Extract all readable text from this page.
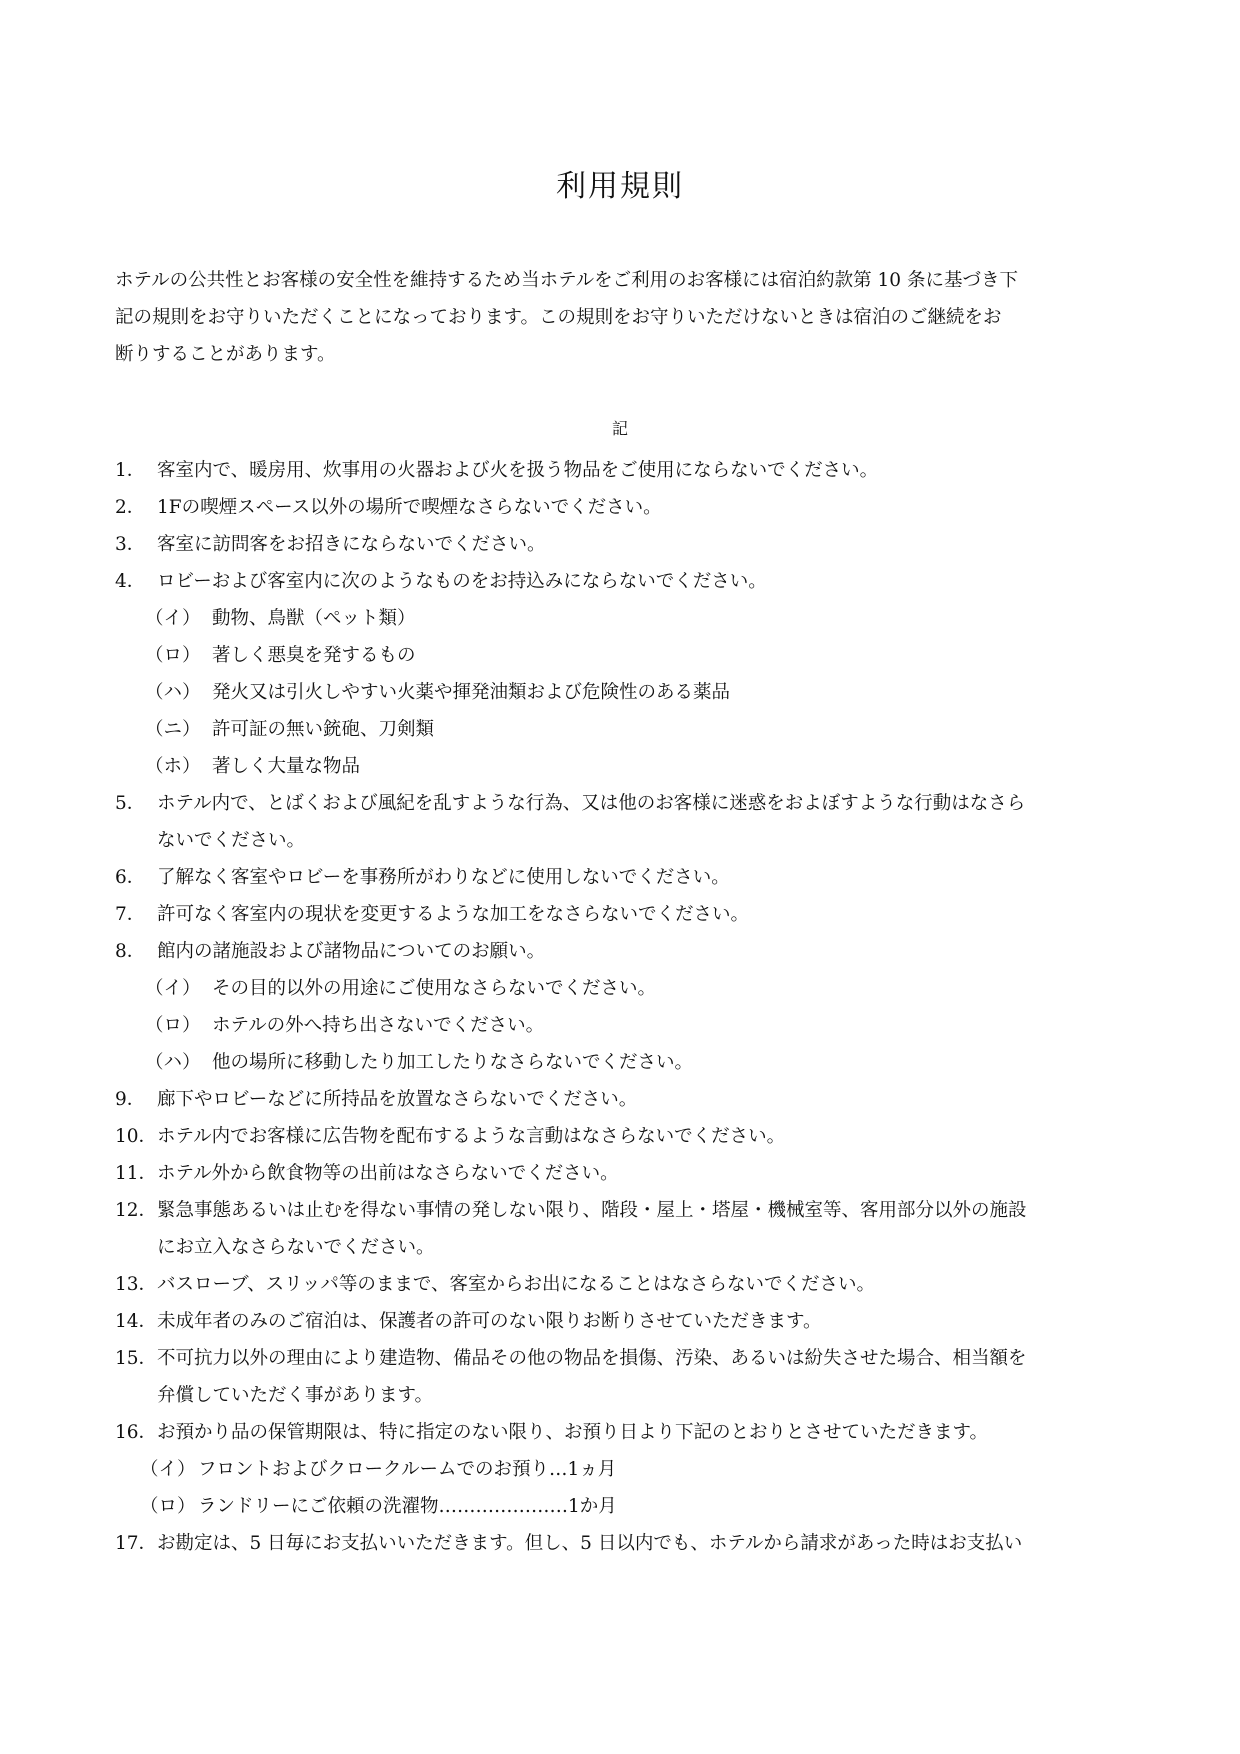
利用規則

ホテルの公共性とお客様の安全性を維持するため当ホテルをご利用のお客様には宿泊約款第 10 条に基づき下
記の規則をお守りいただくことになっております。この規則をお守りいただけないときは宿泊のご継続をお
断りすることがあります。

記
1． 客室内で、暖房用、炊事用の火器および火を扱う物品をご使用にならないでください。
2． 1Fの喫煙スペース以外の場所で喫煙なさらないでください。
3． 客室に訪問客をお招きにならないでください。
4． ロビーおよび客室内に次のようなものをお持込みにならないでください。
（イ） 動物、鳥獣（ペット類）
（ロ） 著しく悪臭を発するもの
（ハ） 発火又は引火しやすい火薬や揮発油類および危険性のある薬品
（ニ） 許可証の無い銃砲、刀剣類
（ホ） 著しく大量な物品
5． ホテル内で、とばくおよび風紀を乱すような行為、又は他のお客様に迷惑をおよぼすような行動はなさら
ないでください。
6． 了解なく客室やロビーを事務所がわりなどに使用しないでください。
7． 許可なく客室内の現状を変更するような加工をなさらないでください。
8． 館内の諸施設および諸物品についてのお願い。
（イ） その目的以外の用途にご使用なさらないでください。
（ロ） ホテルの外へ持ち出さないでください。
（ハ） 他の場所に移動したり加工したりなさらないでください。
9． 廊下やロビーなどに所持品を放置なさらないでください。
10． ホテル内でお客様に広告物を配布するような言動はなさらないでください。
11． ホテル外から飲食物等の出前はなさらないでください。
12． 緊急事態あるいは止むを得ない事情の発しない限り、階段・屋上・塔屋・機械室等、客用部分以外の施設
にお立入なさらないでください。
13． バスローブ、スリッパ等のままで、客室からお出になることはなさらないでください。
14． 未成年者のみのご宿泊は、保護者の許可のない限りお断りさせていただきます。
15． 不可抗力以外の理由により建造物、備品その他の物品を損傷、汚染、あるいは紛失させた場合、相当額を
弁償していただく事があります。
16． お預かり品の保管期限は、特に指定のない限り、お預り日より下記のとおりとさせていただきます。
（イ） フロントおよびクロークルームでのお預り…1ヵ月
（ロ） ランドリーにご依頼の洗濯物…………………1か月
17． お勘定は、5 日毎にお支払いいただきます。但し、5 日以内でも、ホテルから請求があった時はお支払い
